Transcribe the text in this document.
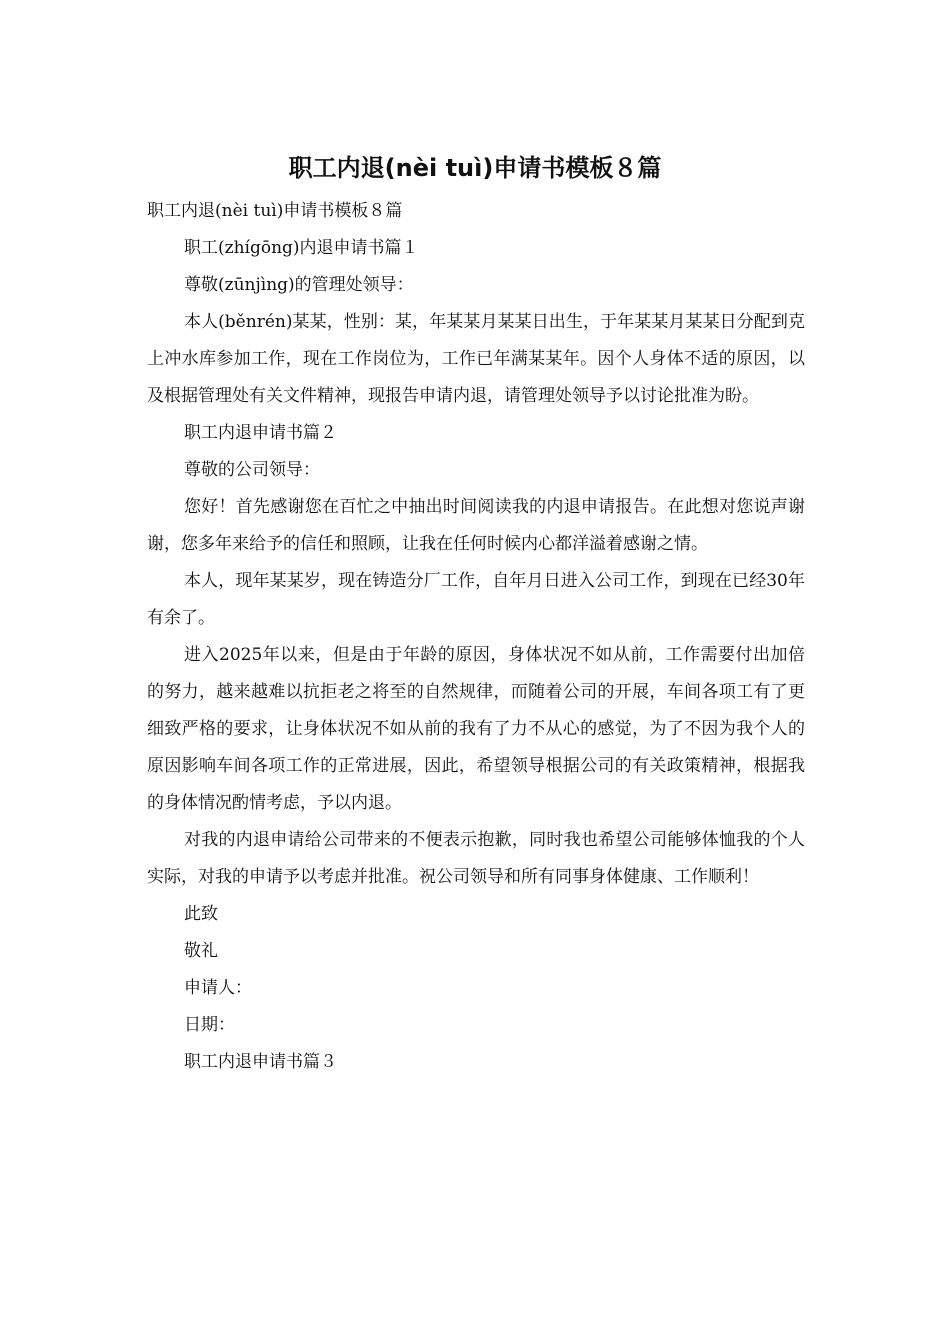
职工内退(nèi tuì)申请书模板８篇

职工内退(nèi tuì)申请书模板８篇

职工(zhígōng)内退申请书篇１

尊敬(zūnjìng)的管理处领导：

本人(běnrén)某某，性别：某，年某某月某某日出生，于年某某月某某日分配到克上冲水库参加工作，现在工作岗位为，工作已年满某某年。因个人身体不适的原因，以及根据管理处有关文件精神，现报告申请内退，请管理处领导予以讨论批准为盼。

职工内退申请书篇２

尊敬的公司领导：

您好！首先感谢您在百忙之中抽出时间阅读我的内退申请报告。在此想对您说声谢谢，您多年来给予的信任和照顾，让我在任何时候内心都洋溢着感谢之情。

本人，现年某某岁，现在铸造分厂工作，自年月日进入公司工作，到现在已经30年有余了。

进入2025年以来，但是由于年龄的原因，身体状况不如从前，工作需要付出加倍的努力，越来越难以抗拒老之将至的自然规律，而随着公司的开展，车间各项工有了更细致严格的要求，让身体状况不如从前的我有了力不从心的感觉，为了不因为我个人的原因影响车间各项工作的正常进展，因此，希望领导根据公司的有关政策精神，根据我的身体情况酌情考虑，予以内退。

对我的内退申请给公司带来的不便表示抱歉，同时我也希望公司能够体恤我的个人实际，对我的申请予以考虑并批准。祝公司领导和所有同事身体健康、工作顺利！

此致

敬礼

申请人：

日期：

职工内退申请书篇３
